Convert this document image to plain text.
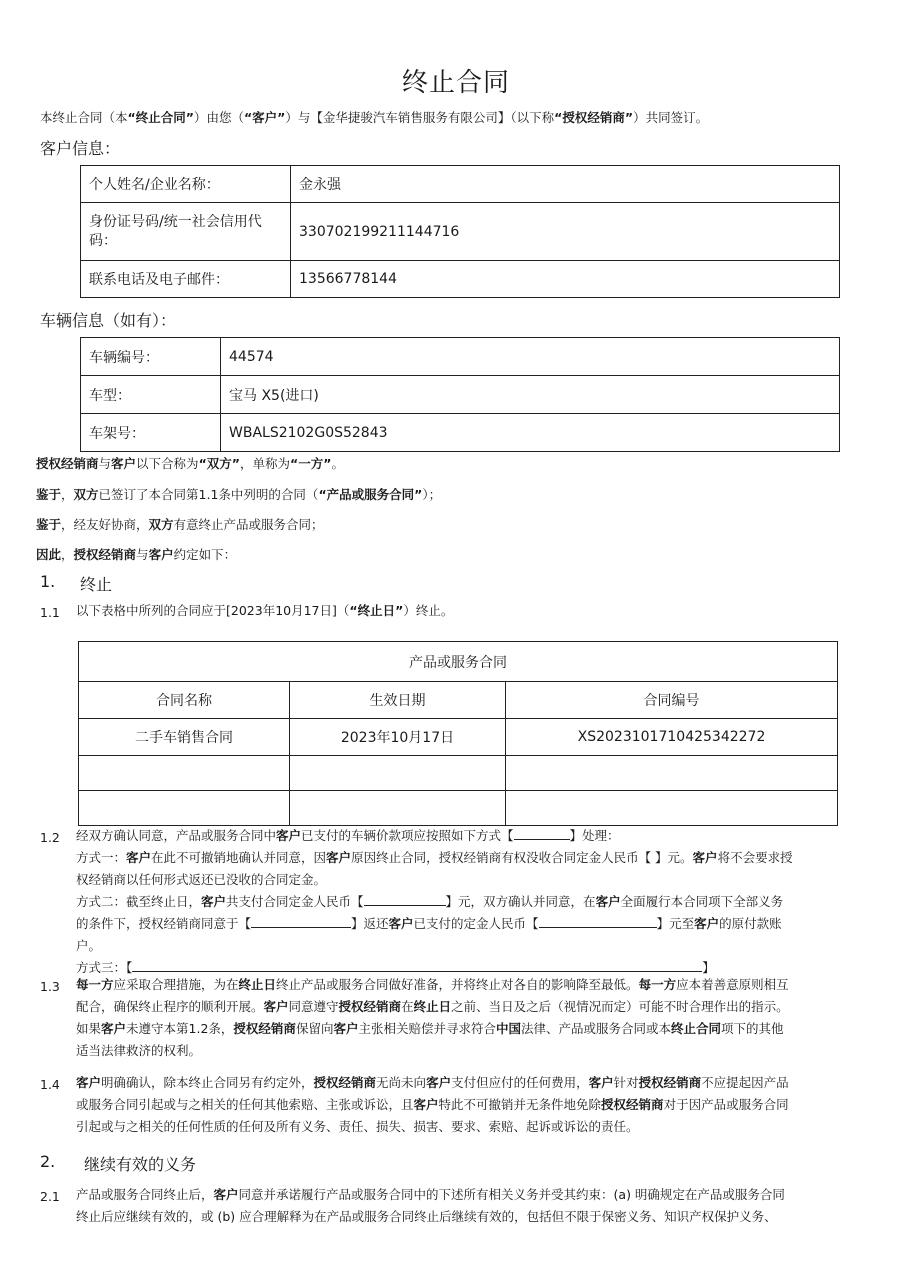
终止合同
本终止合同（本“终止合同”）由您（“客户”）与【金华捷骏汽车销售服务有限公司】（以下称“授权经销商”）共同签订。
客户信息：
个人姓名/企业名称：	金永强
身份证号码/统一社会信用代码：	330702199211144716
联系电话及电子邮件：	13566778144
车辆信息（如有）：
车辆编号：	44574
车型：	宝马 X5(进口)
车架号：	WBALS2102G0S52843
授权经销商与客户以下合称为“双方”，单称为“一方”。
鉴于，双方已签订了本合同第1.1条中列明的合同（“产品或服务合同”）；
鉴于，经友好协商，双方有意终止产品或服务合同；
因此，授权经销商与客户约定如下：
1. 终止
1.1 以下表格中所列的合同应于[2023年10月17日]（“终止日”）终止。
产品或服务合同		
合同名称	生效日期	合同编号
二手车销售合同	2023年10月17日	XS2023101710425342272

1.2 经双方确认同意，产品或服务合同中客户已支付的车辆价款项应按照如下方式【	】处理：
方式一：客户在此不可撤销地确认并同意，因客户原因终止合同，授权经销商有权没收合同定金人民币【 】元。客户将不会要求授
权经销商以任何形式返还已没收的合同定金。
方式二：截至终止日，客户共支付合同定金人民币【	】元，双方确认并同意，在客户全面履行本合同项下全部义务
的条件下，授权经销商同意于【	】返还客户已支付的定金人民币【	】元至客户的原付款账
户。
方式三：【	】
1.3 每一方应采取合理措施，为在终止日终止产品或服务合同做好准备，并将终止对各自的影响降至最低。每一方应本着善意原则相互
配合，确保终止程序的顺利开展。客户同意遵守授权经销商在终止日之前、当日及之后（视情况而定）可能不时合理作出的指示。
如果客户未遵守本第1.2条，授权经销商保留向客户主张相关赔偿并寻求符合中国法律、产品或服务合同或本终止合同项下的其他
适当法律救济的权利。
1.4 客户明确确认，除本终止合同另有约定外，授权经销商无尚未向客户支付但应付的任何费用，客户针对授权经销商不应提起因产品
或服务合同引起或与之相关的任何其他索赔、主张或诉讼，且客户特此不可撤销并无条件地免除授权经销商对于因产品或服务合同
引起或与之相关的任何性质的任何及所有义务、责任、损失、损害、要求、索赔、起诉或诉讼的责任。
2. 继续有效的义务
2.1 产品或服务合同终止后，客户同意并承诺履行产品或服务合同中的下述所有相关义务并受其约束：(a) 明确规定在产品或服务合同
终止后应继续有效的，或 (b) 应合理解释为在产品或服务合同终止后继续有效的，包括但不限于保密义务、知识产权保护义务、
